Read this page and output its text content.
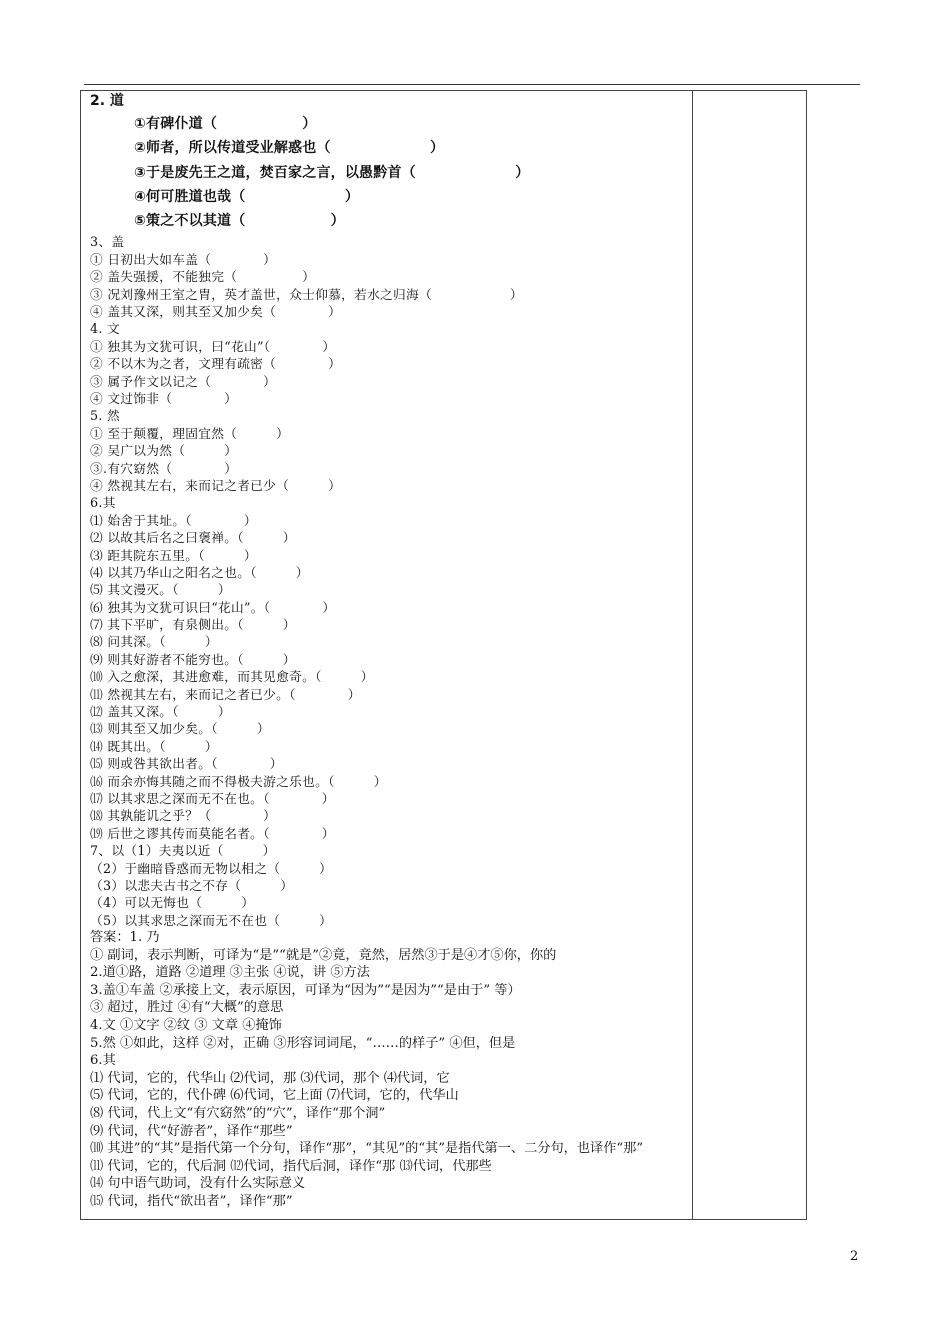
2. 道
①有碑仆道（　　　　　　）
②师者，所以传道受业解惑也（　　　　　　　）
③于是废先王之道，焚百家之言，以愚黔首（　　　　　　　）
④何可胜道也哉（　　　　　　　）
⑤策之不以其道（　　　　　　）
3、盖
① 日初出大如车盖（　　　　）
② 盖失强援，不能独完（　　　　　）
③ 况刘豫州王室之胄，英才盖世，众士仰慕，若水之归海（　　　　　　）
④ 盖其又深，则其至又加少矣（　　　　）
4. 文
① 独其为文犹可识，曰“花山”（　　　　）
② 不以木为之者，文理有疏密（　　　　）
③ 属予作文以记之（　　　　）
④ 文过饰非（　　　　）
5. 然
① 至于颠覆，理固宜然（　　　）
② 吴广以为然（　　　）
③.有穴窈然（　　　　）
④ 然视其左右，来而记之者已少（　　　）
6.其
⑴ 始舍于其址。（　　　　）
⑵ 以故其后名之曰褒禅。（　　　）
⑶ 距其院东五里。（　　　）
⑷ 以其乃华山之阳名之也。（　　　）
⑸ 其文漫灭。（　　　）
⑹ 独其为文犹可识曰“花山”。（　　　　）
⑺ 其下平旷，有泉侧出。（　　　）
⑻ 问其深。（　　　）
⑼ 则其好游者不能穷也。（　　　）
⑽ 入之愈深，其进愈难，而其见愈奇。（　　　）
⑾ 然视其左右，来而记之者已少。（　　　　）
⑿ 盖其又深。（　　　）
⒀ 则其至又加少矣。（　　　）
⒁ 既其出。（　　　）
⒂ 则或咎其欲出者。（　　　　）
⒃ 而余亦悔其随之而不得极夫游之乐也。（　　　）
⒄ 以其求思之深而无不在也。（　　　　）
⒅ 其孰能讥之乎？（　　　　）
⒆ 后世之谬其传而莫能名者。（　　　　）
7、以（1）夫夷以近（　　　）
（2）于幽暗昏惑而无物以相之（　　　）
（3）以悲夫古书之不存（　　　）
（4）可以无悔也（　　　）
（5）以其求思之深而无不在也（　　　）
答案：1. 乃
① 副词，表示判断，可译为“是”“就是”②竟，竟然，居然③于是④才⑤你，你的
2.道①路，道路 ②道理 ③主张 ④说，讲 ⑤方法
3.盖①车盖 ②承接上文，表示原因，可译为“因为”“是因为”“是由于” 等）
③ 超过，胜过 ④有“大概”的意思
4.文 ①文字 ②纹 ③ 文章 ④掩饰
5.然 ①如此，这样 ②对，正确 ③形容词词尾，“……的样子” ④但，但是
6.其
⑴ 代词，它的，代华山 ⑵代词，那 ⑶代词，那个 ⑷代词，它
⑸ 代词，它的，代仆碑 ⑹代词，它上面 ⑺代词，它的，代华山
⑻ 代词，代上文“有穴窈然”的“穴”，译作“那个洞”
⑼ 代词，代“好游者”，译作“那些”
⑽ 其进”的“其”是指代第一个分句，译作“那”，“其见”的“其”是指代第一、二分句，也译作“那”
⑾ 代词，它的，代后洞 ⑿代词，指代后洞，译作“那 ⒀代词，代那些
⒁ 句中语气助词，没有什么实际意义
⒂ 代词，指代“欲出者”，译作“那”
2
